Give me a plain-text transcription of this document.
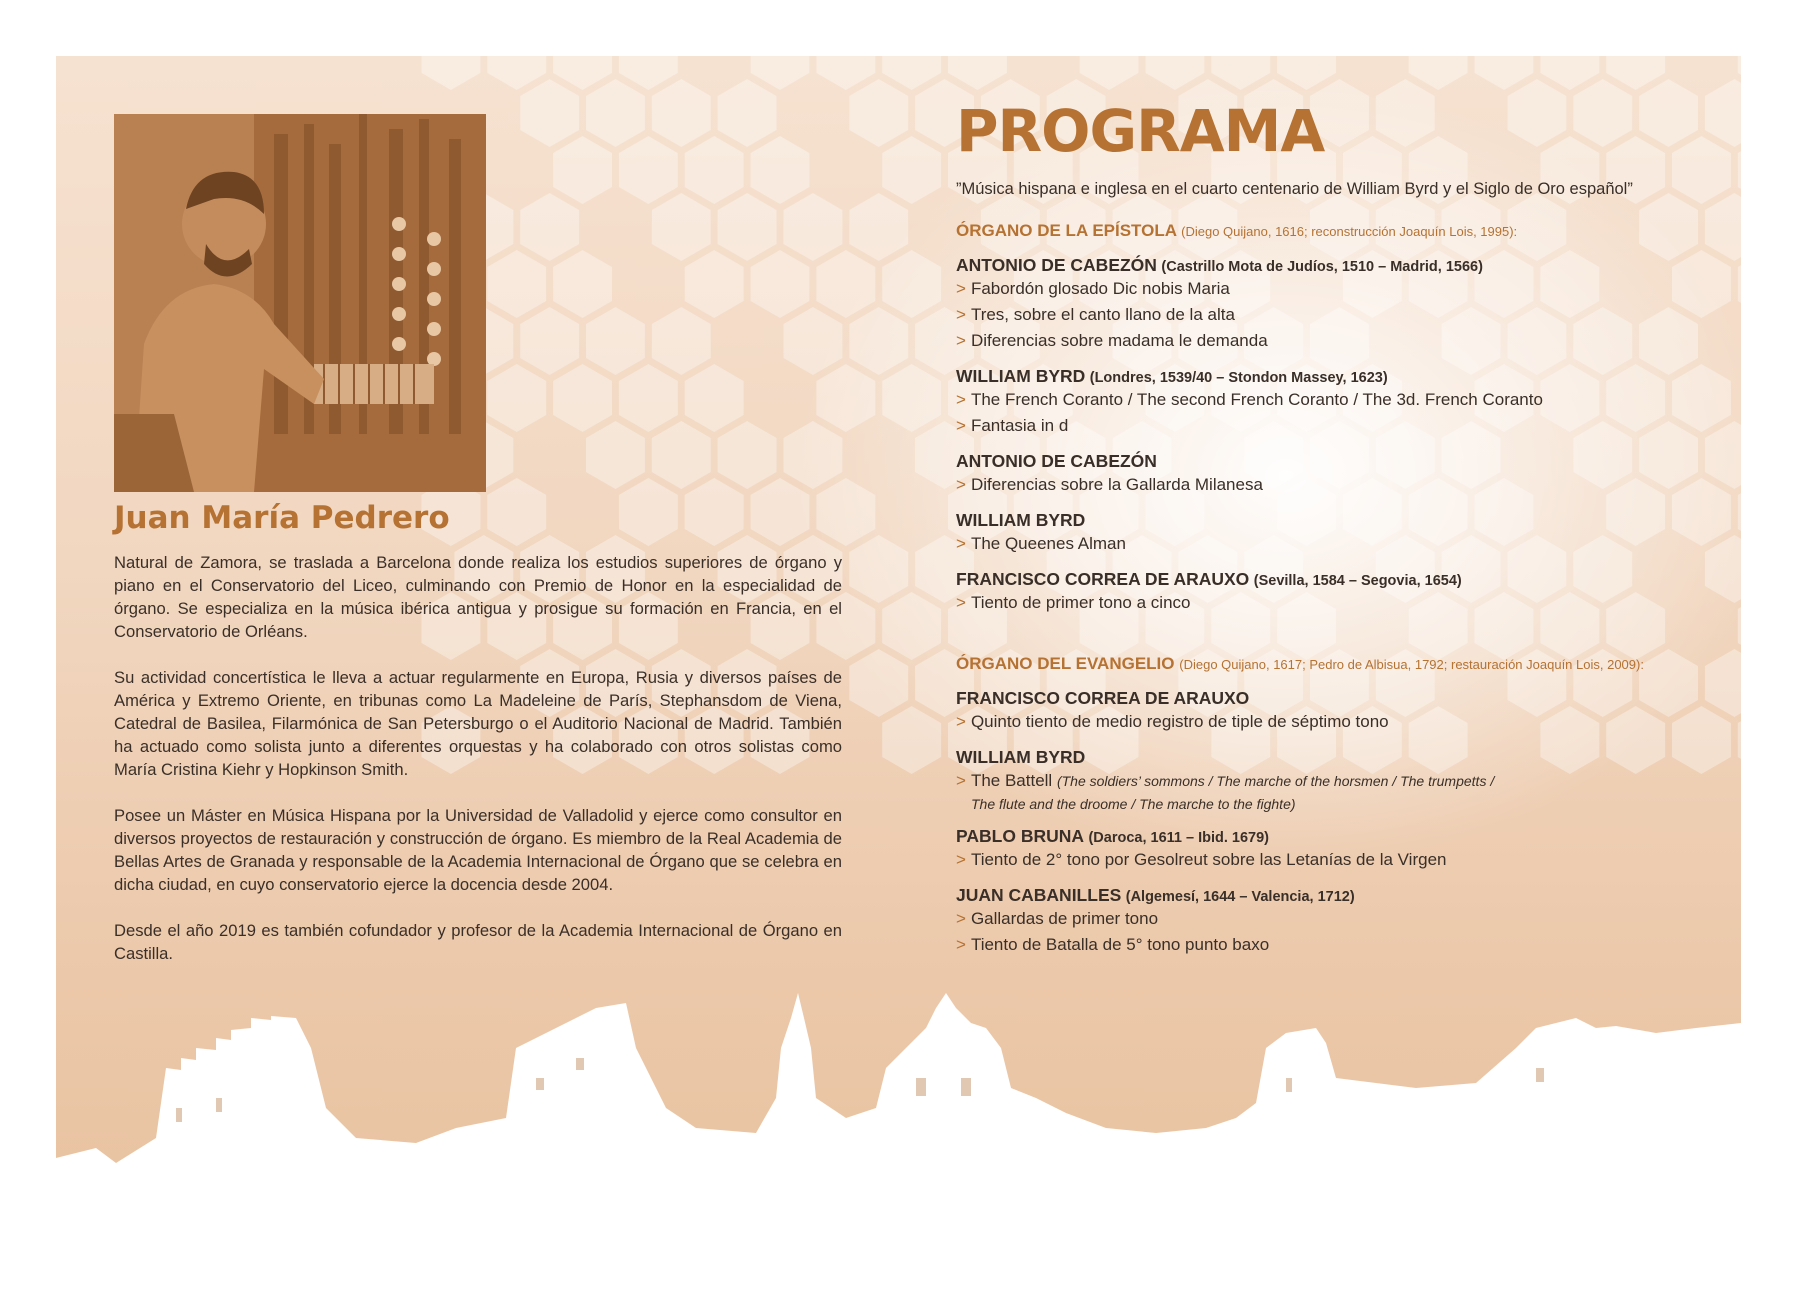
Juan María Pedrero

Natural de Zamora, se traslada a Barcelona donde realiza los estudios superiores de órgano y piano en el Conservatorio del Liceo, culminando con Premio de Honor en la especialidad de órgano. Se especializa en la música ibérica antigua y prosigue su formación en Francia, en el Conservatorio de Orléans.

Su actividad concertística le lleva a actuar regularmente en Europa, Rusia y diversos países de América y Extremo Oriente, en tribunas como La Madeleine de París, Stephansdom de Viena, Catedral de Basilea, Filarmónica de San Petersburgo o el Auditorio Nacional de Madrid. También ha actuado como solista junto a diferentes orquestas y ha colaborado con otros solistas como María Cristina Kiehr y Hopkinson Smith.

Posee un Máster en Música Hispana por la Universidad de Valladolid y ejerce como consultor en diversos proyectos de restauración y construcción de órgano. Es miembro de la Real Academia de Bellas Artes de Granada y responsable de la Academia Internacional de Órgano que se celebra en dicha ciudad, en cuyo conservatorio ejerce la docencia desde 2004.

Desde el año 2019 es también cofundador y profesor de la Academia Internacional de Órgano en Castilla.

PROGRAMA
”Música hispana e inglesa en el cuarto centenario de William Byrd y el Siglo de Oro español”
ÓRGANO DE LA EPÍSTOLA (Diego Quijano, 1616; reconstrucción Joaquín Lois, 1995):
ANTONIO DE CABEZÓN (Castrillo Mota de Judíos, 1510 – Madrid, 1566)
> Fabordón glosado Dic nobis Maria
> Tres, sobre el canto llano de la alta
> Diferencias sobre madama le demanda
WILLIAM BYRD (Londres, 1539/40 – Stondon Massey, 1623)
> The French Coranto / The second French Coranto / The 3d. French Coranto
> Fantasia in d
ANTONIO DE CABEZÓN
> Diferencias sobre la Gallarda Milanesa
WILLIAM BYRD
> The Queenes Alman
FRANCISCO CORREA DE ARAUXO (Sevilla, 1584 – Segovia, 1654)
> Tiento de primer tono a cinco
ÓRGANO DEL EVANGELIO (Diego Quijano, 1617; Pedro de Albisua, 1792; restauración Joaquín Lois, 2009):
FRANCISCO CORREA DE ARAUXO
> Quinto tiento de medio registro de tiple de séptimo tono
WILLIAM BYRD
> The Battell (The soldiers’ sommons / The marche of the horsmen / The trumpetts /
The flute and the droome / The marche to the fighte)
PABLO BRUNA (Daroca, 1611 – Ibid. 1679)
> Tiento de 2° tono por Gesolreut sobre las Letanías de la Virgen
JUAN CABANILLES (Algemesí, 1644 – Valencia, 1712)
> Gallardas de primer tono
> Tiento de Batalla de 5° tono punto baxo
